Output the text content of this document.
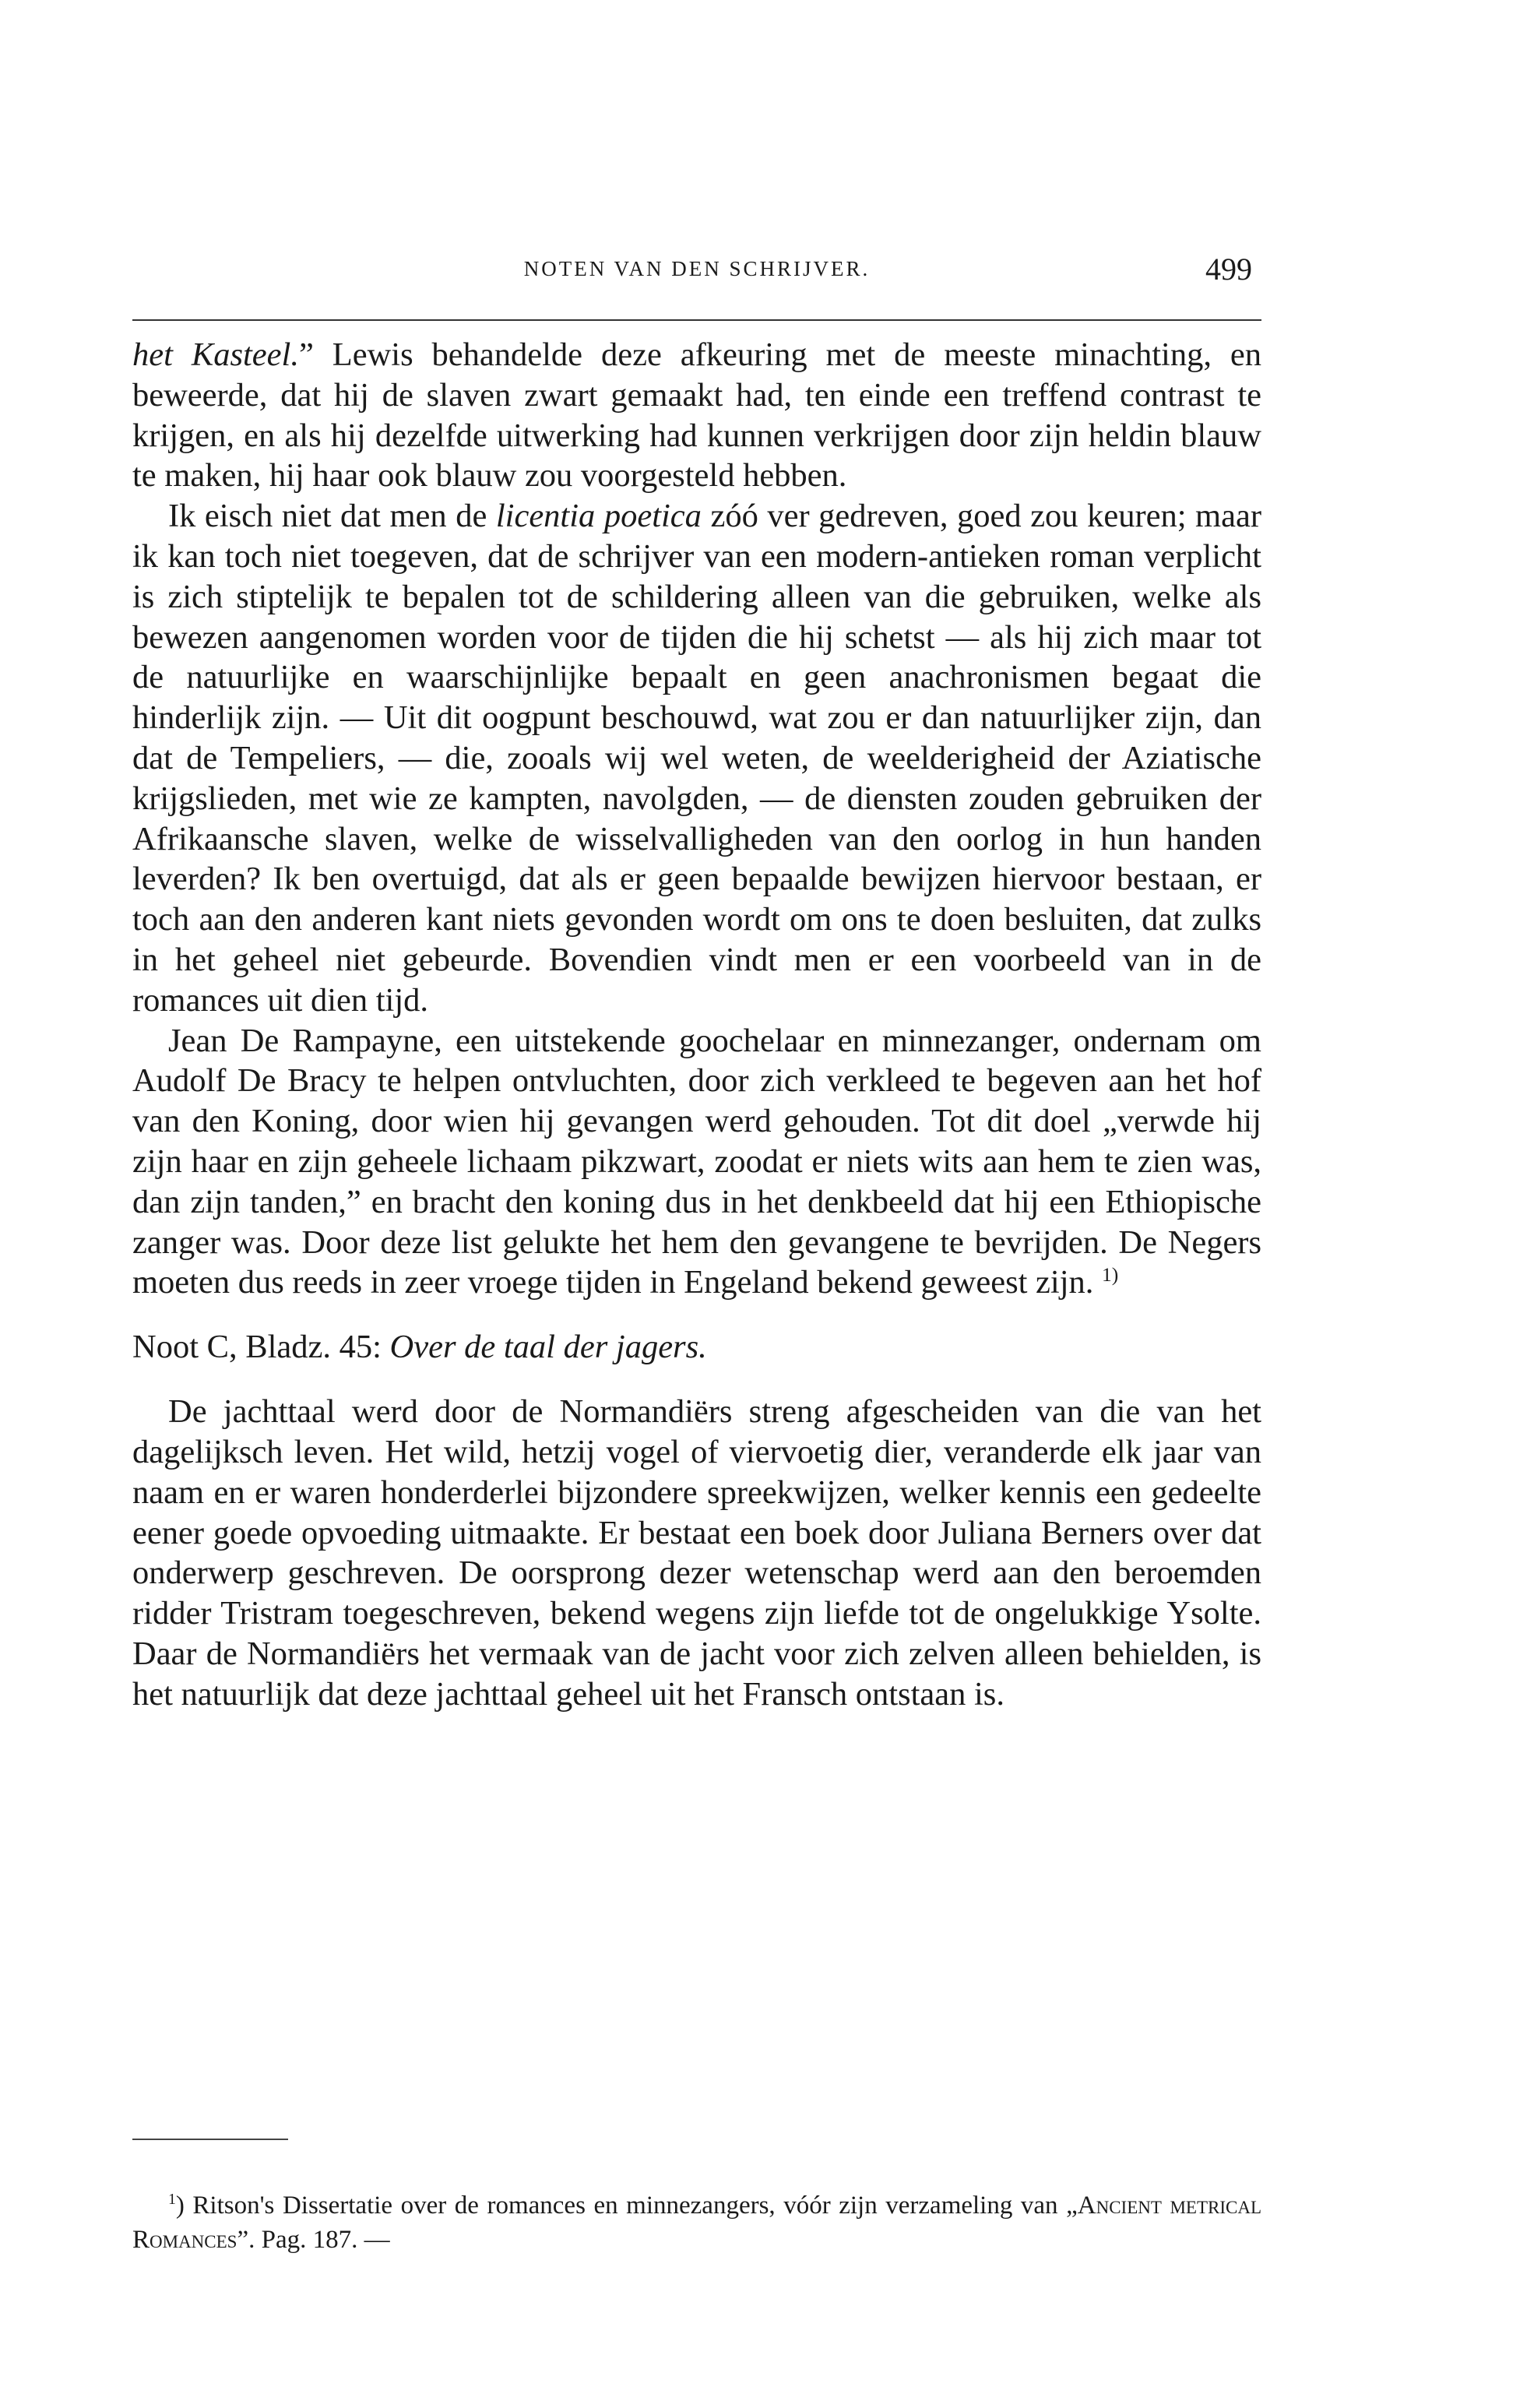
NOTEN VAN DEN SCHRIJVER.	499

het Kasteel.” Lewis behandelde deze afkeuring met de meeste minachting, en beweerde, dat hij de slaven zwart gemaakt had, ten einde een treffend contrast te krijgen, en als hij dezelfde uitwerking had kunnen verkrijgen door zijn heldin blauw te maken, hij haar ook blauw zou voorgesteld hebben.

Ik eisch niet dat men de licentia poetica zóó ver gedreven, goed zou keuren; maar ik kan toch niet toegeven, dat de schrijver van een modern-antieken roman verplicht is zich stiptelijk te bepalen tot de schildering alleen van die gebruiken, welke als bewezen aangenomen worden voor de tijden die hij schetst — als hij zich maar tot de natuurlijke en waarschijnlijke bepaalt en geen anachronismen begaat die hinderlijk zijn. — Uit dit oogpunt beschouwd, wat zou er dan natuurlijker zijn, dan dat de Tempeliers, — die, zooals wij wel weten, de weelderigheid der Aziatische krijgslieden, met wie ze kampten, navolgden, — de diensten zouden gebruiken der Afrikaansche slaven, welke de wisselvalligheden van den oorlog in hun handen leverden? Ik ben overtuigd, dat als er geen bepaalde bewijzen hiervoor bestaan, er toch aan den anderen kant niets gevonden wordt om ons te doen besluiten, dat zulks in het geheel niet gebeurde. Bovendien vindt men er een voorbeeld van in de romances uit dien tijd.

Jean De Rampayne, een uitstekende goochelaar en minnezanger, ondernam om Audolf De Bracy te helpen ontvluchten, door zich verkleed te begeven aan het hof van den Koning, door wien hij gevangen werd gehouden. Tot dit doel „verwde hij zijn haar en zijn geheele lichaam pikzwart, zoodat er niets wits aan hem te zien was, dan zijn tanden,” en bracht den koning dus in het denkbeeld dat hij een Ethiopische zanger was. Door deze list gelukte het hem den gevangene te bevrijden. De Negers moeten dus reeds in zeer vroege tijden in Engeland bekend geweest zijn. $^{1)}$

Noot C, Bladz. 45: Over de taal der jagers.

De jachttaal werd door de Normandiërs streng afgescheiden van die van het dagelijksch leven. Het wild, hetzij vogel of viervoetig dier, veranderde elk jaar van naam en er waren honderderlei bijzondere spreekwijzen, welker kennis een gedeelte eener goede opvoeding uitmaakte. Er bestaat een boek door Juliana Berners over dat onderwerp geschreven. De oorsprong dezer wetenschap werd aan den beroemden ridder Tristram toegeschreven, bekend wegens zijn liefde tot de ongelukkige Ysolte. Daar de Normandiërs het vermaak van de jacht voor zich zelven alleen behielden, is het natuurlijk dat deze jachttaal geheel uit het Fransch ontstaan is.

$^1$) Ritson's Dissertatie over de romances en minnezangers, vóór zijn verzameling van „Ancient metrical Romances”. Pag. 187. —
